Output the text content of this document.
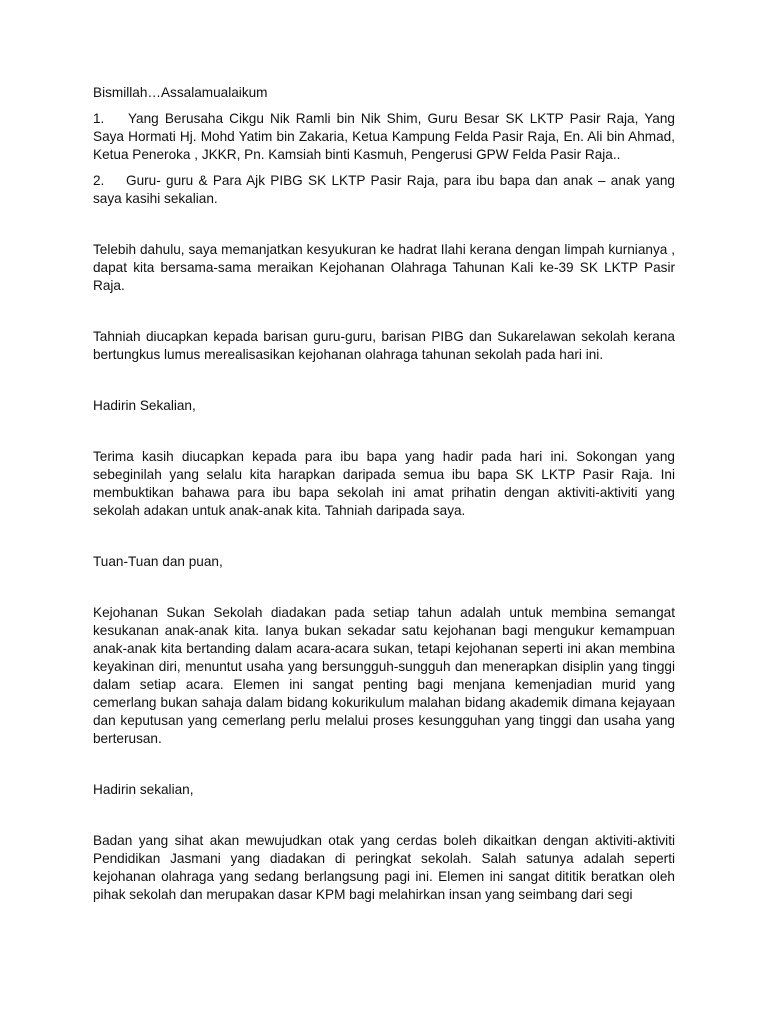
Bismillah…Assalamualaikum

1. Yang Berusaha Cikgu Nik Ramli bin Nik Shim, Guru Besar SK LKTP Pasir Raja, Yang Saya Hormati Hj. Mohd Yatim bin Zakaria, Ketua Kampung Felda Pasir Raja, En. Ali bin Ahmad, Ketua Peneroka , JKKR, Pn. Kamsiah binti Kasmuh, Pengerusi GPW Felda Pasir Raja..

2. Guru- guru & Para Ajk PIBG SK LKTP Pasir Raja, para ibu bapa dan anak – anak yang saya kasihi sekalian.

Telebih dahulu, saya memanjatkan kesyukuran ke hadrat Ilahi kerana dengan limpah kurnianya , dapat kita bersama-sama meraikan Kejohanan Olahraga Tahunan Kali ke-39 SK LKTP Pasir Raja.

Tahniah diucapkan kepada barisan guru-guru, barisan PIBG dan Sukarelawan sekolah kerana bertungkus lumus merealisasikan kejohanan olahraga tahunan sekolah pada hari ini.

Hadirin Sekalian,

Terima kasih diucapkan kepada para ibu bapa yang hadir pada hari ini. Sokongan yang sebeginilah yang selalu kita harapkan daripada semua ibu bapa SK LKTP Pasir Raja. Ini membuktikan bahawa para ibu bapa sekolah ini amat prihatin dengan aktiviti-aktiviti yang sekolah adakan untuk anak-anak kita. Tahniah daripada saya.

Tuan-Tuan dan puan,

Kejohanan Sukan Sekolah diadakan pada setiap tahun adalah untuk membina semangat kesukanan anak-anak kita. Ianya bukan sekadar satu kejohanan bagi mengukur kemampuan anak-anak kita bertanding dalam acara-acara sukan, tetapi kejohanan seperti ini akan membina keyakinan diri, menuntut usaha yang bersungguh-sungguh dan menerapkan disiplin yang tinggi dalam setiap acara. Elemen ini sangat penting bagi menjana kemenjadian murid yang cemerlang bukan sahaja dalam bidang kokurikulum malahan bidang akademik dimana kejayaan dan keputusan yang cemerlang perlu melalui proses kesungguhan yang tinggi dan usaha yang berterusan.

Hadirin sekalian,

Badan yang sihat akan mewujudkan otak yang cerdas boleh dikaitkan dengan aktiviti-aktiviti Pendidikan Jasmani yang diadakan di peringkat sekolah. Salah satunya adalah seperti kejohanan olahraga yang sedang berlangsung pagi ini. Elemen ini sangat dititik beratkan oleh pihak sekolah dan merupakan dasar KPM bagi melahirkan insan yang seimbang dari segi
